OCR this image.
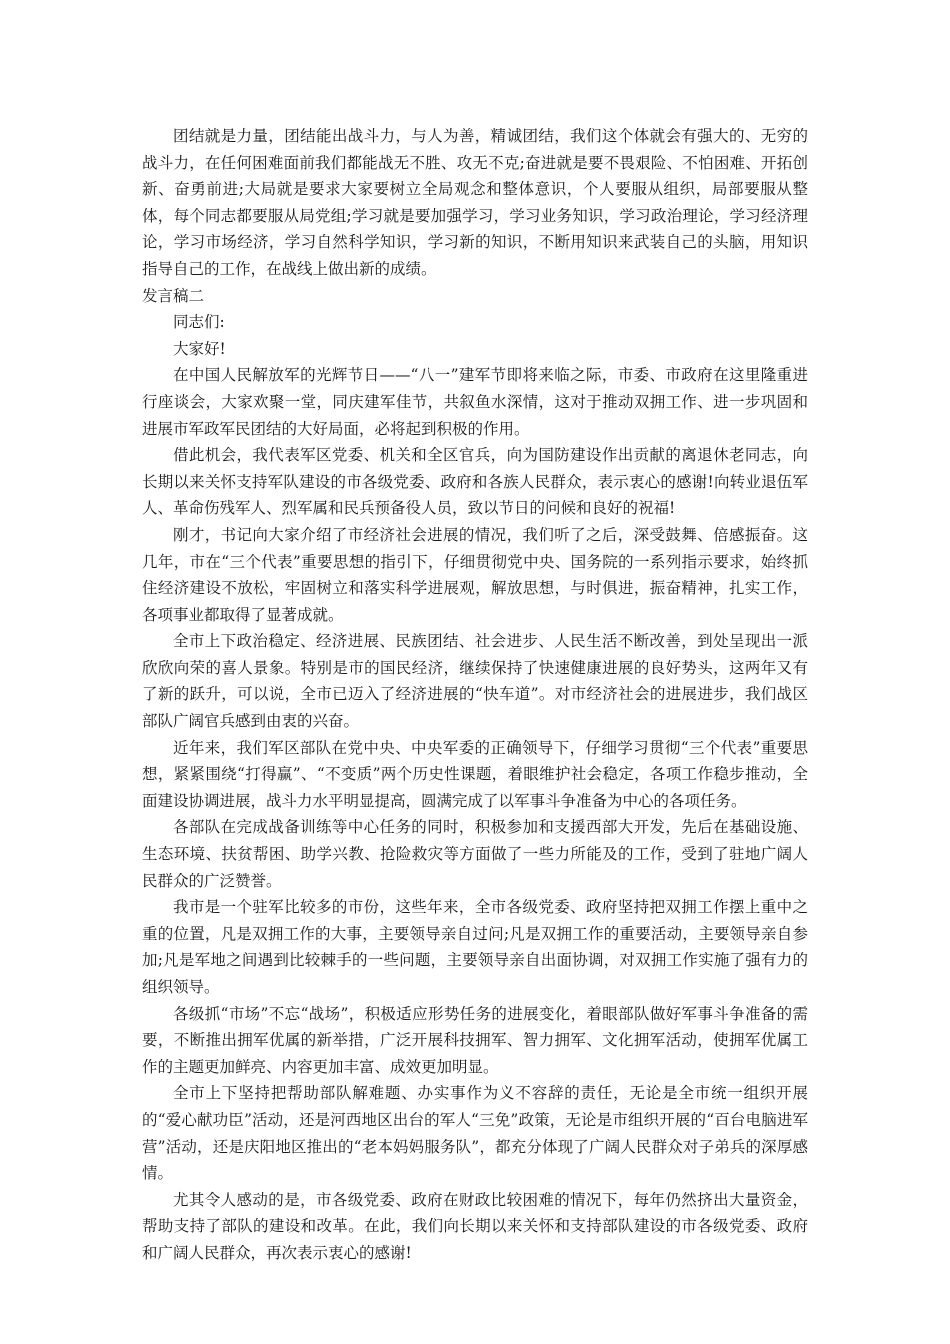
团结就是力量，团结能出战斗力，与人为善，精诚团结，我们这个体就会有强大的、无穷的战斗力，在任何困难面前我们都能战无不胜、攻无不克;奋进就是要不畏艰险、不怕困难、开拓创新、奋勇前进;大局就是要求大家要树立全局观念和整体意识，个人要服从组织，局部要服从整体，每个同志都要服从局党组;学习就是要加强学习，学习业务知识，学习政治理论，学习经济理论，学习市场经济，学习自然科学知识，学习新的知识，不断用知识来武装自己的头脑，用知识指导自己的工作，在战线上做出新的成绩。

发言稿二

同志们:

大家好!

在中国人民解放军的光辉节日——“八一”建军节即将来临之际，市委、市政府在这里隆重进行座谈会，大家欢聚一堂，同庆建军佳节，共叙鱼水深情，这对于推动双拥工作、进一步巩固和进展市军政军民团结的大好局面，必将起到积极的作用。

借此机会，我代表军区党委、机关和全区官兵，向为国防建设作出贡献的离退休老同志，向长期以来关怀支持军队建设的市各级党委、政府和各族人民群众，表示衷心的感谢!向转业退伍军人、革命伤残军人、烈军属和民兵预备役人员，致以节日的问候和良好的祝福!

刚才，书记向大家介绍了市经济社会进展的情况，我们听了之后，深受鼓舞、倍感振奋。这几年，市在“三个代表”重要思想的指引下，仔细贯彻党中央、国务院的一系列指示要求，始终抓住经济建设不放松，牢固树立和落实科学进展观，解放思想，与时俱进，振奋精神，扎实工作，各项事业都取得了显著成就。

全市上下政治稳定、经济进展、民族团结、社会进步、人民生活不断改善，到处呈现出一派欣欣向荣的喜人景象。特别是市的国民经济，继续保持了快速健康进展的良好势头，这两年又有了新的跃升，可以说，全市已迈入了经济进展的“快车道”。对市经济社会的进展进步，我们战区部队广阔官兵感到由衷的兴奋。

近年来，我们军区部队在党中央、中央军委的正确领导下，仔细学习贯彻“三个代表”重要思想，紧紧围绕“打得赢”、“不变质”两个历史性课题，着眼维护社会稳定，各项工作稳步推动，全面建设协调进展，战斗力水平明显提高，圆满完成了以军事斗争准备为中心的各项任务。

各部队在完成战备训练等中心任务的同时，积极参加和支援西部大开发，先后在基础设施、生态环境、扶贫帮困、助学兴教、抢险救灾等方面做了一些力所能及的工作，受到了驻地广阔人民群众的广泛赞誉。

我市是一个驻军比较多的市份，这些年来，全市各级党委、政府坚持把双拥工作摆上重中之重的位置，凡是双拥工作的大事，主要领导亲自过问;凡是双拥工作的重要活动，主要领导亲自参加;凡是军地之间遇到比较棘手的一些问题，主要领导亲自出面协调，对双拥工作实施了强有力的组织领导。

各级抓“市场”不忘“战场”，积极适应形势任务的进展变化，着眼部队做好军事斗争准备的需要，不断推出拥军优属的新举措，广泛开展科技拥军、智力拥军、文化拥军活动，使拥军优属工作的主题更加鲜亮、内容更加丰富、成效更加明显。

全市上下坚持把帮助部队解难题、办实事作为义不容辞的责任，无论是全市统一组织开展的“爱心献功臣”活动，还是河西地区出台的军人“三免”政策，无论是市组织开展的“百台电脑进军营”活动，还是庆阳地区推出的“老本妈妈服务队”，都充分体现了广阔人民群众对子弟兵的深厚感情。

尤其令人感动的是，市各级党委、政府在财政比较困难的情况下，每年仍然挤出大量资金，帮助支持了部队的建设和改革。在此，我们向长期以来关怀和支持部队建设的市各级党委、政府和广阔人民群众，再次表示衷心的感谢!
